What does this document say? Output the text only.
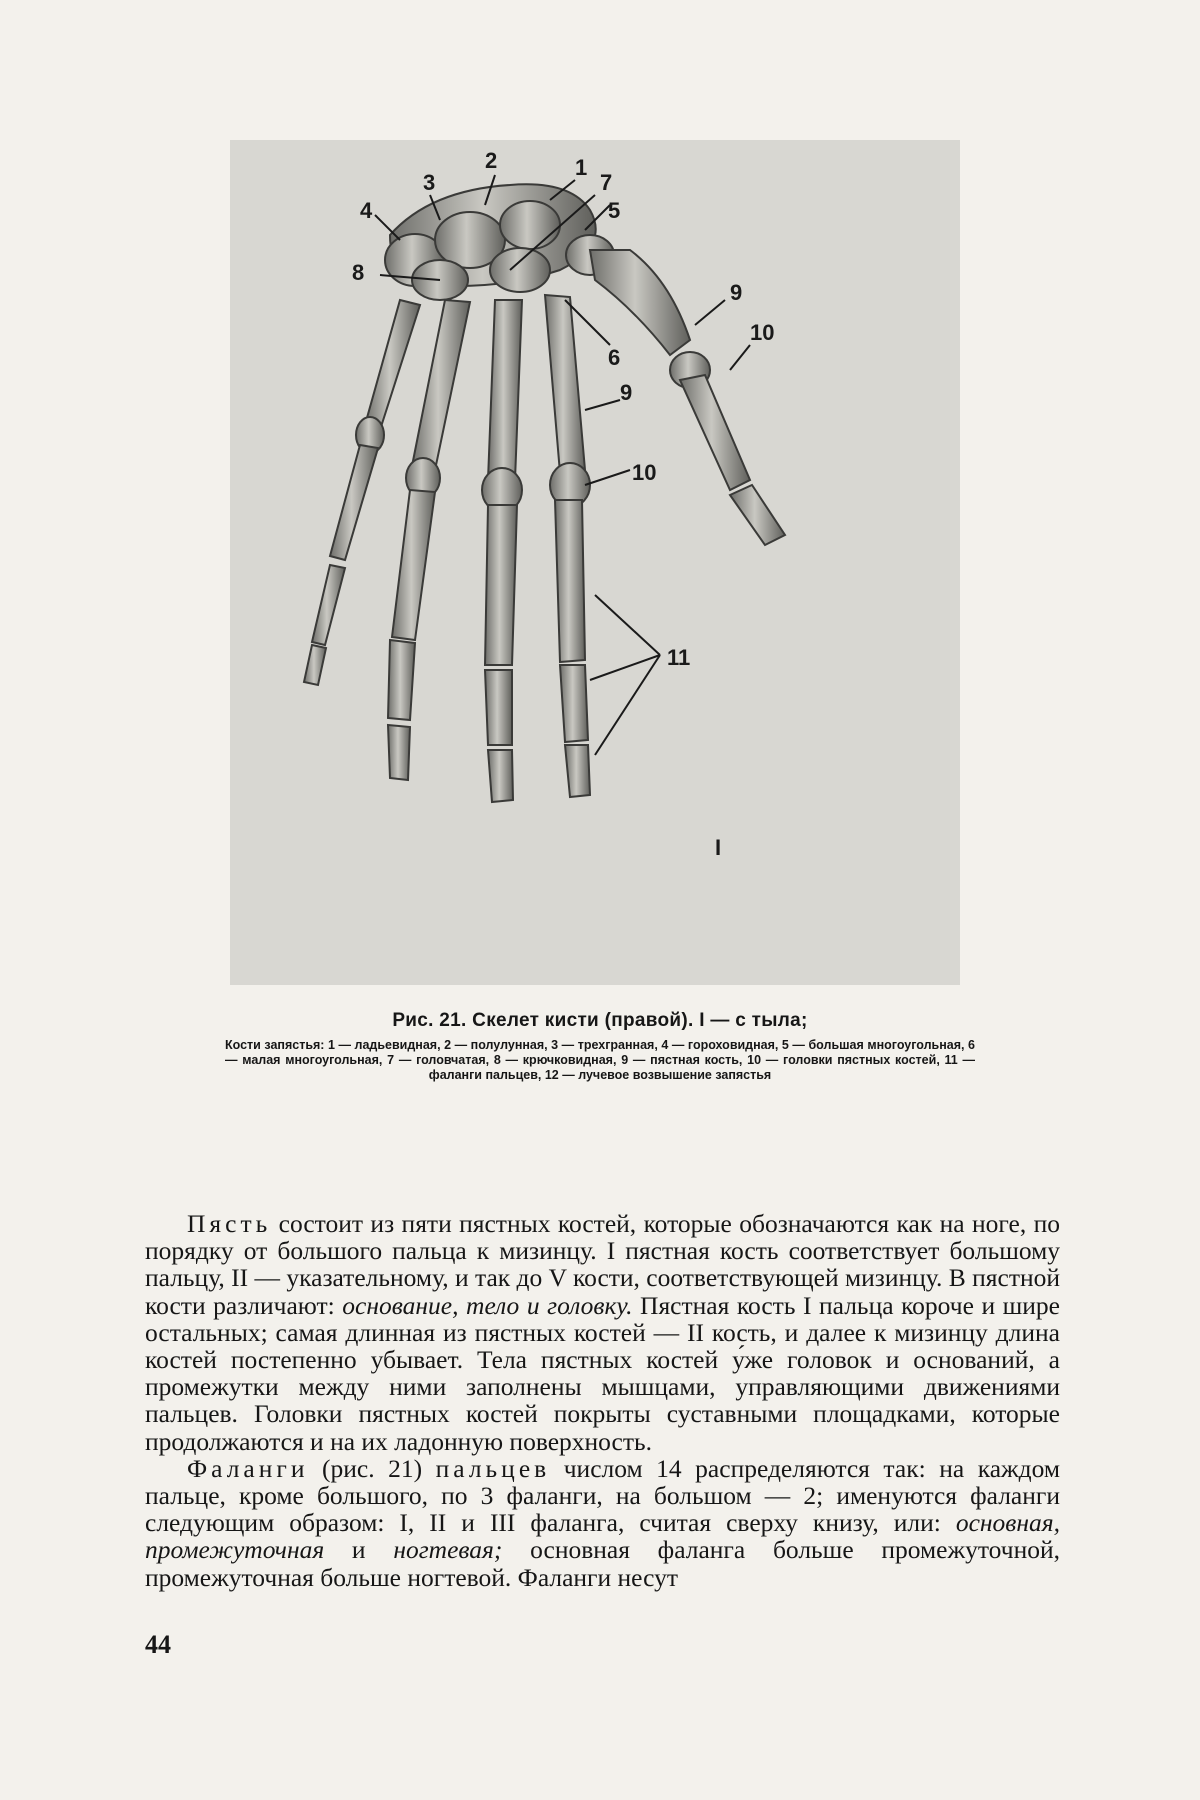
3
2	1
4
7
5
8
6
9
10
9
10
11
I
Рис. 21. Скелет кисти (правой). I — с тыла;
Кости запястья: 1 — ладьевидная, 2 — полулунная, 3 — трехгранная, 4 — гороховидная, 5 — большая многоугольная, 6 — малая многоугольная, 7 — головчатая, 8 — крючковидная, 9 — пястная кость, 10 — головки пястных костей, 11 — фаланги пальцев, 12 — лучевое возвышение запястья

Пясть состоит из пяти пястных костей, которые обозначаются как на ноге, по порядку от большого пальца к мизинцу. I пястная кость соответствует большому пальцу, II — указательному, и так до V кости, соответствующей мизинцу. В пястной кости различают: основание, тело и головку. Пястная кость I пальца короче и шире остальных; самая длинная из пястных костей — II кость, и далее к мизинцу длина костей постепенно убывает. Тела пястных костей у́же головок и оснований, а промежутки между ними заполнены мышцами, управляющими движениями пальцев. Головки пястных костей покрыты суставными площадками, которые продолжаются и на их ладонную поверхность.

Фаланги (рис. 21) пальцев числом 14 распределяются так: на каждом пальце, кроме большого, по 3 фаланги, на большом — 2; именуются фаланги следующим образом: I, II и III фаланга, считая сверху книзу, или: основная, промежуточная и ногтевая; основная фаланга больше промежуточной, промежуточная больше ногтевой. Фаланги несут

44
